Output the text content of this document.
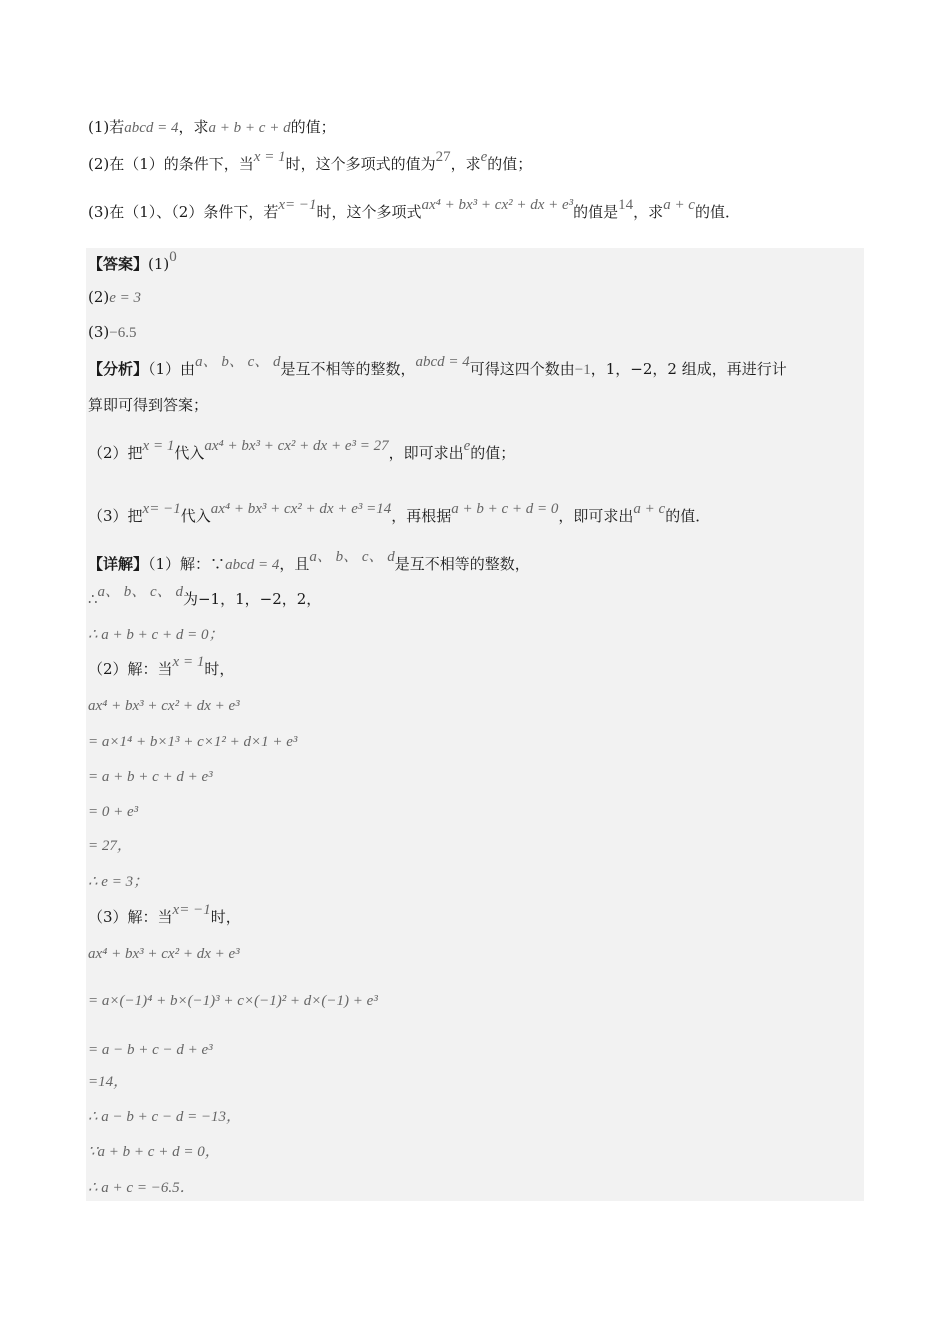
(1)若abcd = 4，求a + b + c + d的值；
(2)在（1）的条件下，当x = 1时，这个多项式的值为27，求e的值；
(3)在（1）、（2）条件下，若x= −1时，这个多项式ax⁴ + bx³ + cx² + dx + e³的值是14，求a + c的值．
【答案】(1)0
(2)e = 3
(3)−6.5
【分析】（1）由a、 b、 c、 d是互不相等的整数，abcd = 4可得这四个数由−1，1，−2，2 组成，再进行计
算即可得到答案；
（2）把x = 1代入ax⁴ + bx³ + cx² + dx + e³ = 27，即可求出e的值；
（3）把x= −1代入ax⁴ + bx³ + cx² + dx + e³ =14，再根据a + b + c + d = 0，即可求出a + c的值．
【详解】（1）解：∵abcd = 4，且a、 b、 c、 d是互不相等的整数，
∴a、 b、 c、 d为−1，1，−2，2，
∴ a + b + c + d = 0；
（2）解：当x = 1时，
ax⁴ + bx³ + cx² + dx + e³
= a×1⁴ + b×1³ + c×1² + d×1 + e³
= a + b + c + d + e³
= 0 + e³
= 27，
∴ e = 3；
（3）解：当x= −1时，
ax⁴ + bx³ + cx² + dx + e³
= a×(−1)⁴ + b×(−1)³ + c×(−1)² + d×(−1) + e³
= a − b + c − d + e³
=14，
∴ a − b + c − d = −13，
∵a + b + c + d = 0，
∴ a + c = −6.5．
